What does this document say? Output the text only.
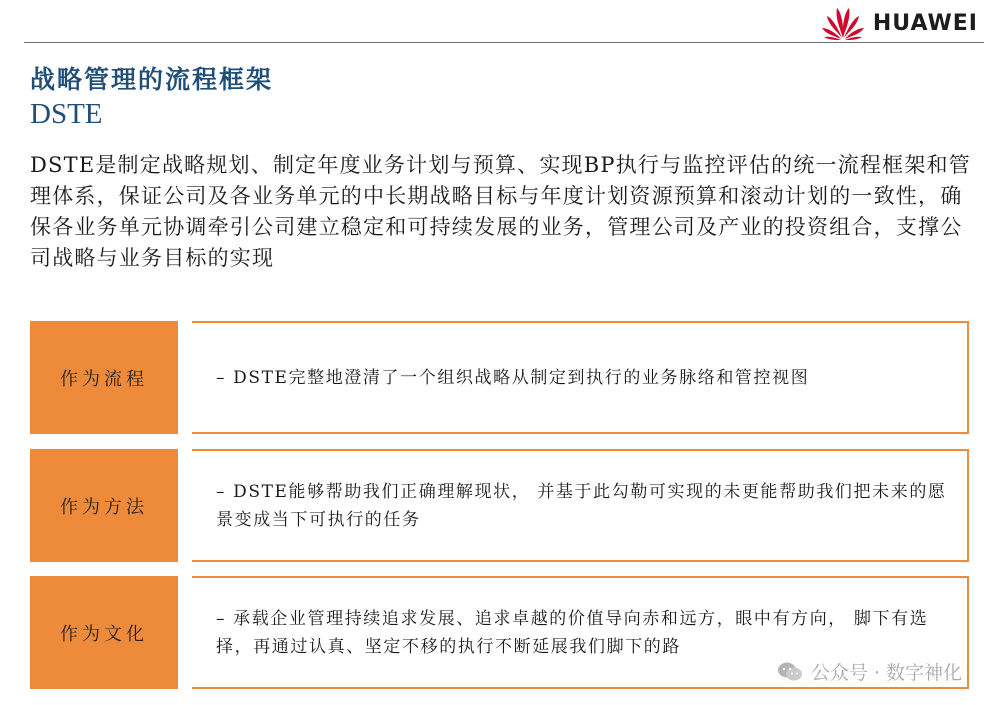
HUAWEI
战略管理的流程框架
DSTE
DSTE是制定战略规划、制定年度业务计划与预算、实现BP执行与监控评估的统一流程框架和管理体系，保证公司及各业务单元的中长期战略目标与年度计划资源预算和滚动计划的一致性，确保各业务单元协调牵引公司建立稳定和可持续发展的业务，管理公司及产业的投资组合，支撑公司战略与业务目标的实现
作为流程	– DSTE完整地澄清了一个组织战略从制定到执行的业务脉络和管控视图
作为方法
– DSTE能够帮助我们正确理解现状， 并基于此勾勒可实现的未更能帮助我们把未来的愿景变成当下可执行的任务
作为文化
– 承载企业管理持续追求发展、追求卓越的价值导向赤和远方，眼中有方向， 脚下有选择，再通过认真、坚定不移的执行不断延展我们脚下的路
公众号 · 数字神化
